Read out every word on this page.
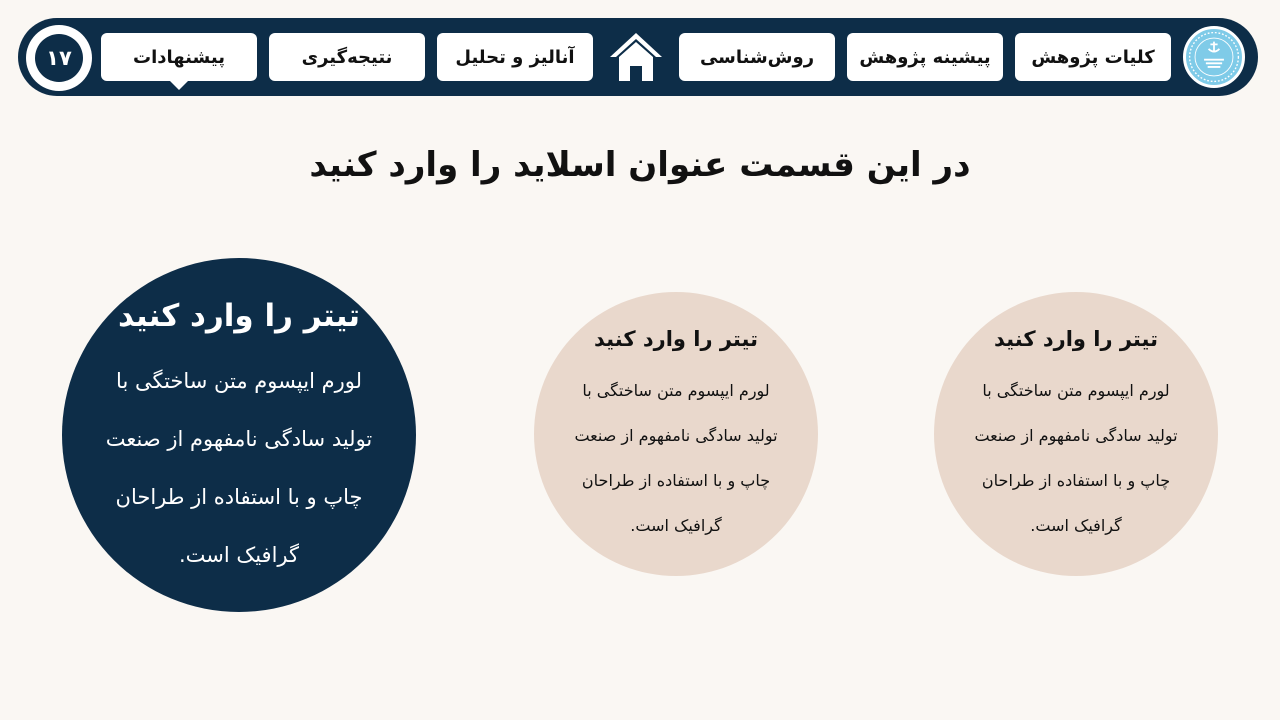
کلیات پژوهش
پیشینه پژوهش
روش‌شناسی
آنالیز و تحلیل
نتیجه‌گیری
پیشنهادات
۱۷
در این قسمت عنوان اسلاید را وارد کنید

تیتر را وارد کنید

لورم ایپسوم متن ساختگی با
تولید سادگی نامفهوم از صنعت
چاپ و با استفاده از طراحان
گرافیک است.

تیتر را وارد کنید

لورم ایپسوم متن ساختگی با
تولید سادگی نامفهوم از صنعت
چاپ و با استفاده از طراحان
گرافیک است.

تیتر را وارد کنید

لورم ایپسوم متن ساختگی با
تولید سادگی نامفهوم از صنعت
چاپ و با استفاده از طراحان
گرافیک است.
